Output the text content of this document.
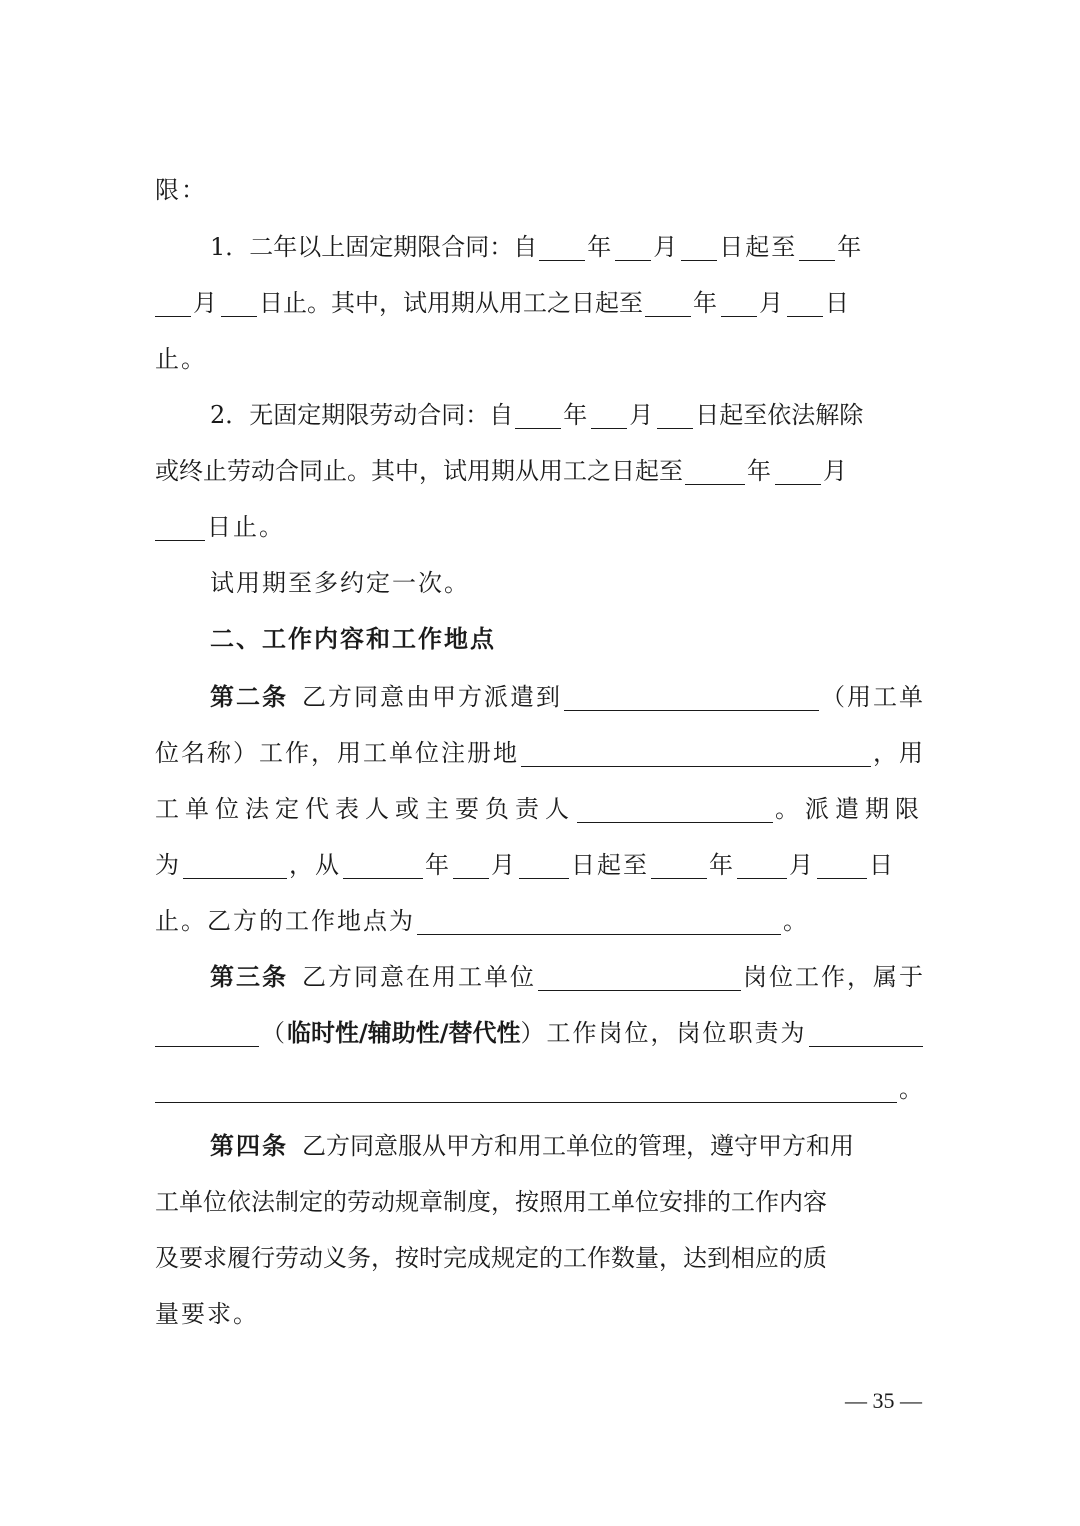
限：
1．二年以上固定期限合同：自 年 月 日起至 年
月 日止。其中，试用期从用工之日起至 年 月 日
止。
2．无固定期限劳动合同：自 年 月 日起至依法解除
或终止劳动合同止。其中，试用期从用工之日起至	年 月
日止。
试用期至多约定一次。
二、工作内容和工作地点
第二条 乙方同意由甲方派遣到	（用工单
位名称）工作，用工单位注册地	，用
工单位法定代表人或主要负责人	。派遣期限
为	，从	年 月 日起至	年 月 日
止。乙方的工作地点为	。
第三条 乙方同意在用工单位	岗位工作，属于
（ 临时性/辅助性/替代性 ）工作岗位，岗位职责为
。
第四条 乙方同意服从甲方和用工单位的管理，遵守甲方和用
工单位依法制定的劳动规章制度，按照用工单位安排的工作内容
及要求履行劳动义务，按时完成规定的工作数量，达到相应的质
量要求。
— 35 —
